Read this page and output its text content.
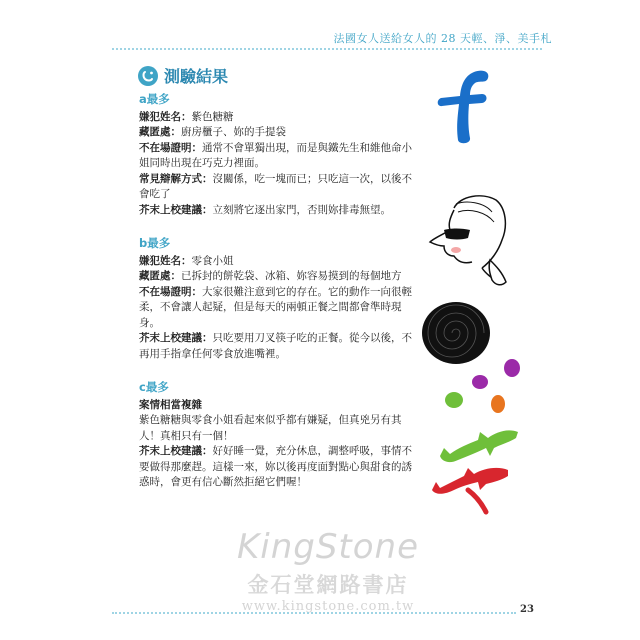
法國女人送給女人的 28 天輕、淨、美手札
測驗結果
a最多

嫌犯姓名：紫色糖糖

藏匿處：廚房櫃子、妳的手提袋

不在場證明：通常不會單獨出現，而是與鐵先生和維他命小姐同時出現在巧克力裡面。

常見辯解方式：沒關係，吃一塊而已；只吃這一次，以後不會吃了

芥末上校建議：立刻將它逐出家門，否則妳排毒無望。

b最多

嫌犯姓名：零食小姐

藏匿處：已拆封的餅乾袋、冰箱、妳容易摸到的每個地方

不在場證明：大家很難注意到它的存在。它的動作一向很輕柔，不會讓人起疑，但是每天的兩頓正餐之間都會準時現身。

芥末上校建議：只吃要用刀叉筷子吃的正餐。從今以後，不再用手指拿任何零食放進嘴裡。

c最多

案情相當複雜

紫色糖糖與零食小姐看起來似乎都有嫌疑，但真兇另有其人！真相只有一個！

芥末上校建議：好好睡一覺，充分休息，調整呼吸，事情不要做得那麼趕。這樣一來，妳以後再度面對點心與甜食的誘惑時，會更有信心斷然拒絕它們喔！

KingStone
金石堂網路書店
www.kingstone.com.tw	23
